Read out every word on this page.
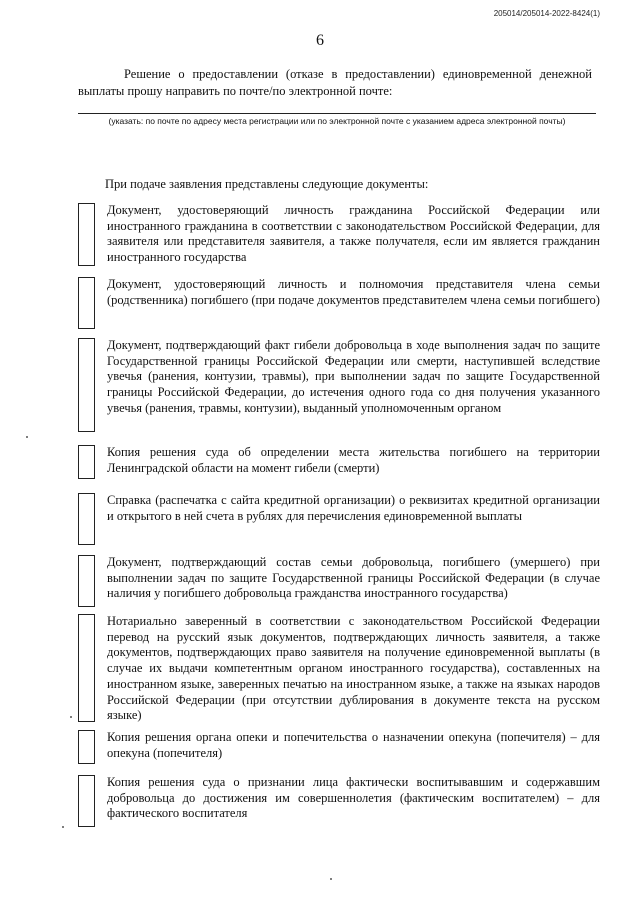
205014/205014-2022-8424(1)
6
Решение о предоставлении (отказе в предоставлении) единовременной денежной выплаты прошу направить по почте/по электронной почте:
(указать: по почте по адресу места регистрации или по электронной почте с указанием адреса электронной почты)
При подаче заявления представлены следующие документы:
Документ, удостоверяющий личность гражданина Российской Федерации или иностранного гражданина в соответствии с законодательством Российской Федерации, для заявителя или представителя заявителя, а также получателя, если им является гражданин иностранного государства
Документ, удостоверяющий личность и полномочия представителя члена семьи (родственника) погибшего (при подаче документов представителем члена семьи погибшего)
Документ, подтверждающий факт гибели добровольца в ходе выполнения задач по защите Государственной границы Российской Федерации или смерти, наступившей вследствие увечья (ранения, контузии, травмы), при выполнении задач по защите Государственной границы Российской Федерации, до истечения одного года со дня получения указанного увечья (ранения, травмы, контузии), выданный уполномоченным органом
Копия решения суда об определении места жительства погибшего на территории Ленинградской области на момент гибели (смерти)
Справка (распечатка с сайта кредитной организации) о реквизитах кредитной организации и открытого в ней счета в рублях для перечисления единовременной выплаты
Документ, подтверждающий состав семьи добровольца, погибшего (умершего) при выполнении задач по защите Государственной границы Российской Федерации (в случае наличия у погибшего добровольца гражданства иностранного государства)
Нотариально заверенный в соответствии с законодательством Российской Федерации перевод на русский язык документов, подтверждающих личность заявителя, а также документов, подтверждающих право заявителя на получение единовременной выплаты (в случае их выдачи компетентным органом иностранного государства), составленных на иностранном языке, заверенных печатью на иностранном языке, а также на языках народов Российской Федерации (при отсутствии дублирования в документе текста на русском языке)
Копия решения органа опеки и попечительства о назначении опекуна (попечителя) – для опекуна (попечителя)
Копия решения суда о признании лица фактически воспитывавшим и содержавшим добровольца до достижения им совершеннолетия (фактическим воспитателем) – для фактического воспитателя
